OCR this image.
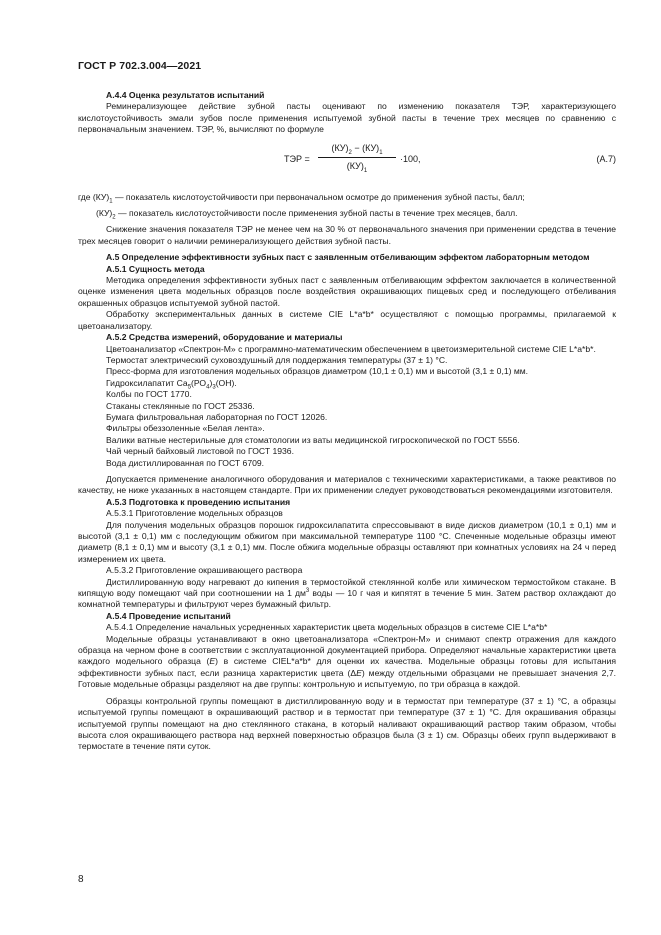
ГОСТ Р 702.3.004—2021

А.4.4 Оценка результатов испытаний

Реминерализующее действие зубной пасты оценивают по изменению показателя ТЭР, характеризующего кислотоустойчивость эмали зубов после применения испытуемой зубной пасты в течение трех месяцев по сравнению с первоначальным значением. ТЭР, %, вычисляют по формуле

ТЭР =
$(КУ)_2 - (КУ)_1$
$(КУ)_1$
·100,	(А.7)

где $(КУ)_1$ — показатель кислотоустойчивости при первоначальном осмотре до применения зубной пасты, балл;

$(КУ)_2$ — показатель кислотоустойчивости после применения зубной пасты в течение трех месяцев, балл.

Снижение значения показателя ТЭР не менее чем на 30 % от первоначального значения при применении средства в течение трех месяцев говорит о наличии реминерализующего действия зубной пасты.

А.5 Определение эффективности зубных паст с заявленным отбеливающим эффектом лабораторным методом

А.5.1 Сущность метода

Методика определения эффективности зубных паст с заявленным отбеливающим эффектом заключается в количественной оценке изменения цвета модельных образцов после воздействия окрашивающих пищевых сред и последующего отбеливания окрашенных образцов испытуемой зубной пастой.

Обработку экспериментальных данных в системе CIE L*a*b* осуществляют с помощью программы, прилагаемой к цветоанализатору.

А.5.2 Средства измерений, оборудование и материалы

Цветоанализатор «Спектрон-М» с программно-математическим обеспечением в цветоизмерительной системе CIE L*a*b*.

Термостат электрический суховоздушный для поддержания температуры (37 ± 1) °С.

Пресс-форма для изготовления модельных образцов диаметром (10,1 ± 0,1) мм и высотой (3,1 ± 0,1) мм.

Гидроксилапатит $Са_5(РО_4)_3(ОН)$.

Колбы по ГОСТ 1770.

Стаканы стеклянные по ГОСТ 25336.

Бумага фильтровальная лабораторная по ГОСТ 12026.

Фильтры обеззоленные «Белая лента».

Валики ватные нестерильные для стоматологии из ваты медицинской гигроскопической по ГОСТ 5556.

Чай черный байховый листовой по ГОСТ 1936.

Вода дистиллированная по ГОСТ 6709.

Допускается применение аналогичного оборудования и материалов с техническими характеристиками, а также реактивов по качеству, не ниже указанных в настоящем стандарте. При их применении следует руководствоваться рекомендациями изготовителя.

А.5.3 Подготовка к проведению испытания

А.5.3.1 Приготовление модельных образцов

Для получения модельных образцов порошок гидроксилапатита спрессовывают в виде дисков диаметром (10,1 ± 0,1) мм и высотой (3,1 ± 0,1) мм с последующим обжигом при максимальной температуре 1100 °С. Спеченные модельные образцы имеют диаметр (8,1 ± 0,1) мм и высоту (3,1 ± 0,1) мм. После обжига модельные образцы оставляют при комнатных условиях на 24 ч перед измерением их цвета.

А.5.3.2 Приготовление окрашивающего раствора

Дистиллированную воду нагревают до кипения в термостойкой стеклянной колбе или химическом термостойком стакане. В кипящую воду помещают чай при соотношении на 1 $дм^3$ воды — 10 г чая и кипятят в течение 5 мин. Затем раствор охлаждают до комнатной температуры и фильтруют через бумажный фильтр.

А.5.4 Проведение испытаний

А.5.4.1 Определение начальных усредненных характеристик цвета модельных образцов в системе CIE L*a*b*

Модельные образцы устанавливают в окно цветоанализатора «Спектрон-М» и снимают спектр отражения для каждого образца на черном фоне в соответствии с эксплуатационной документацией прибора. Определяют начальные характеристики цвета каждого модельного образца (Е) в системе CIEL*a*b* для оценки их качества. Модельные образцы готовы для испытания эффективности зубных паст, если разница характеристик цвета (ΔE) между отдельными образцами не превышает значения 2,7. Готовые модельные образцы разделяют на две группы: контрольную и испытуемую, по три образца в каждой.

Образцы контрольной группы помещают в дистиллированную воду и в термостат при температуре (37 ± 1) °С, а образцы испытуемой группы помещают в окрашивающий раствор и в термостат при температуре (37 ± 1) °С. Для окрашивания образцы испытуемой группы помещают на дно стеклянного стакана, в который наливают окрашивающий раствор таким образом, чтобы высота слоя окрашивающего раствора над верхней поверхностью образцов была (3 ± 1) см. Образцы обеих групп выдерживают в термостате в течение пяти суток.

8
